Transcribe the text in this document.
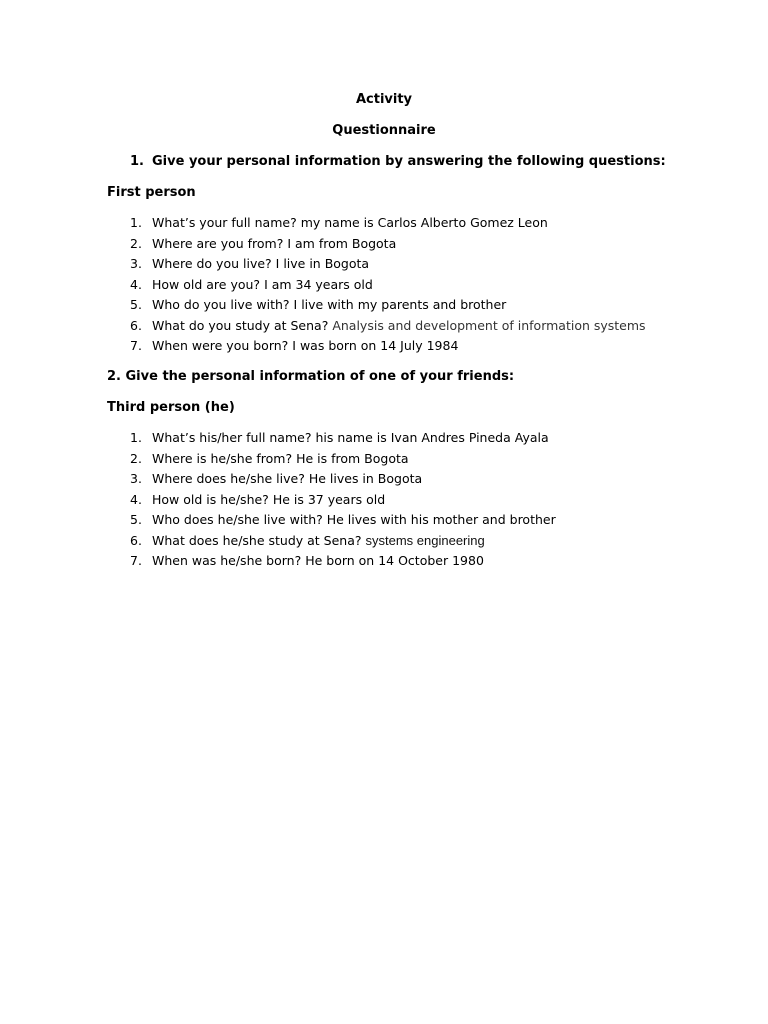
Activity
Questionnaire
1. Give your personal information by answering the following questions:
First person
1. What’s your full name? my name is Carlos Alberto Gomez Leon
2. Where are you from? I am from Bogota
3. Where do you live? I live in Bogota
4. How old are you? I am 34 years old
5. Who do you live with? I live with my parents and brother
6. What do you study at Sena? Analysis and development of information systems
7. When were you born? I was born on 14 July 1984
2. Give the personal information of one of your friends:
Third person (he)
1. What’s his/her full name? his name is Ivan Andres Pineda Ayala
2. Where is he/she from? He is from Bogota
3. Where does he/she live? He lives in Bogota
4. How old is he/she? He is 37 years old
5. Who does he/she live with? He lives with his mother and brother
6. What does he/she study at Sena? systems engineering
7. When was he/she born? He born on 14 October 1980
